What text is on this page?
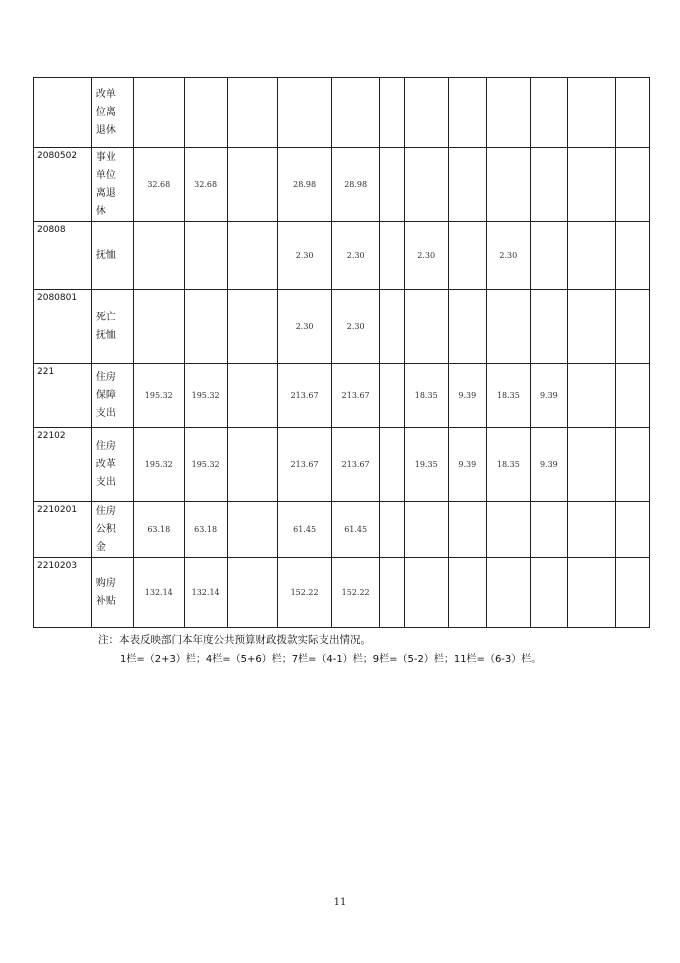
	改单
位离
退休												
2080502	事业
单位
离退
休	32.68	32.68		28.98	28.98							
20808	抚恤				2.30	2.30		2.30		2.30			
2080801	死亡
抚恤				2.30	2.30							
221	住房
保障
支出	195.32	195.32		213.67	213.67		18.35	9.39	18.35	9.39		
22102	住房
改革
支出	195.32	195.32		213.67	213.67		19.35	9.39	18.35	9.39		
2210201	住房
公积
金	63.18	63.18		61.45	61.45							
2210203	购房
补贴	132.14	132.14		152.22	152.22							
注：本表反映部门本年度公共预算财政拨款实际支出情况。
1栏=（2+3）栏；4栏=（5+6）栏；7栏=（4-1）栏；9栏=（5-2）栏；11栏=（6-3）栏。
11
